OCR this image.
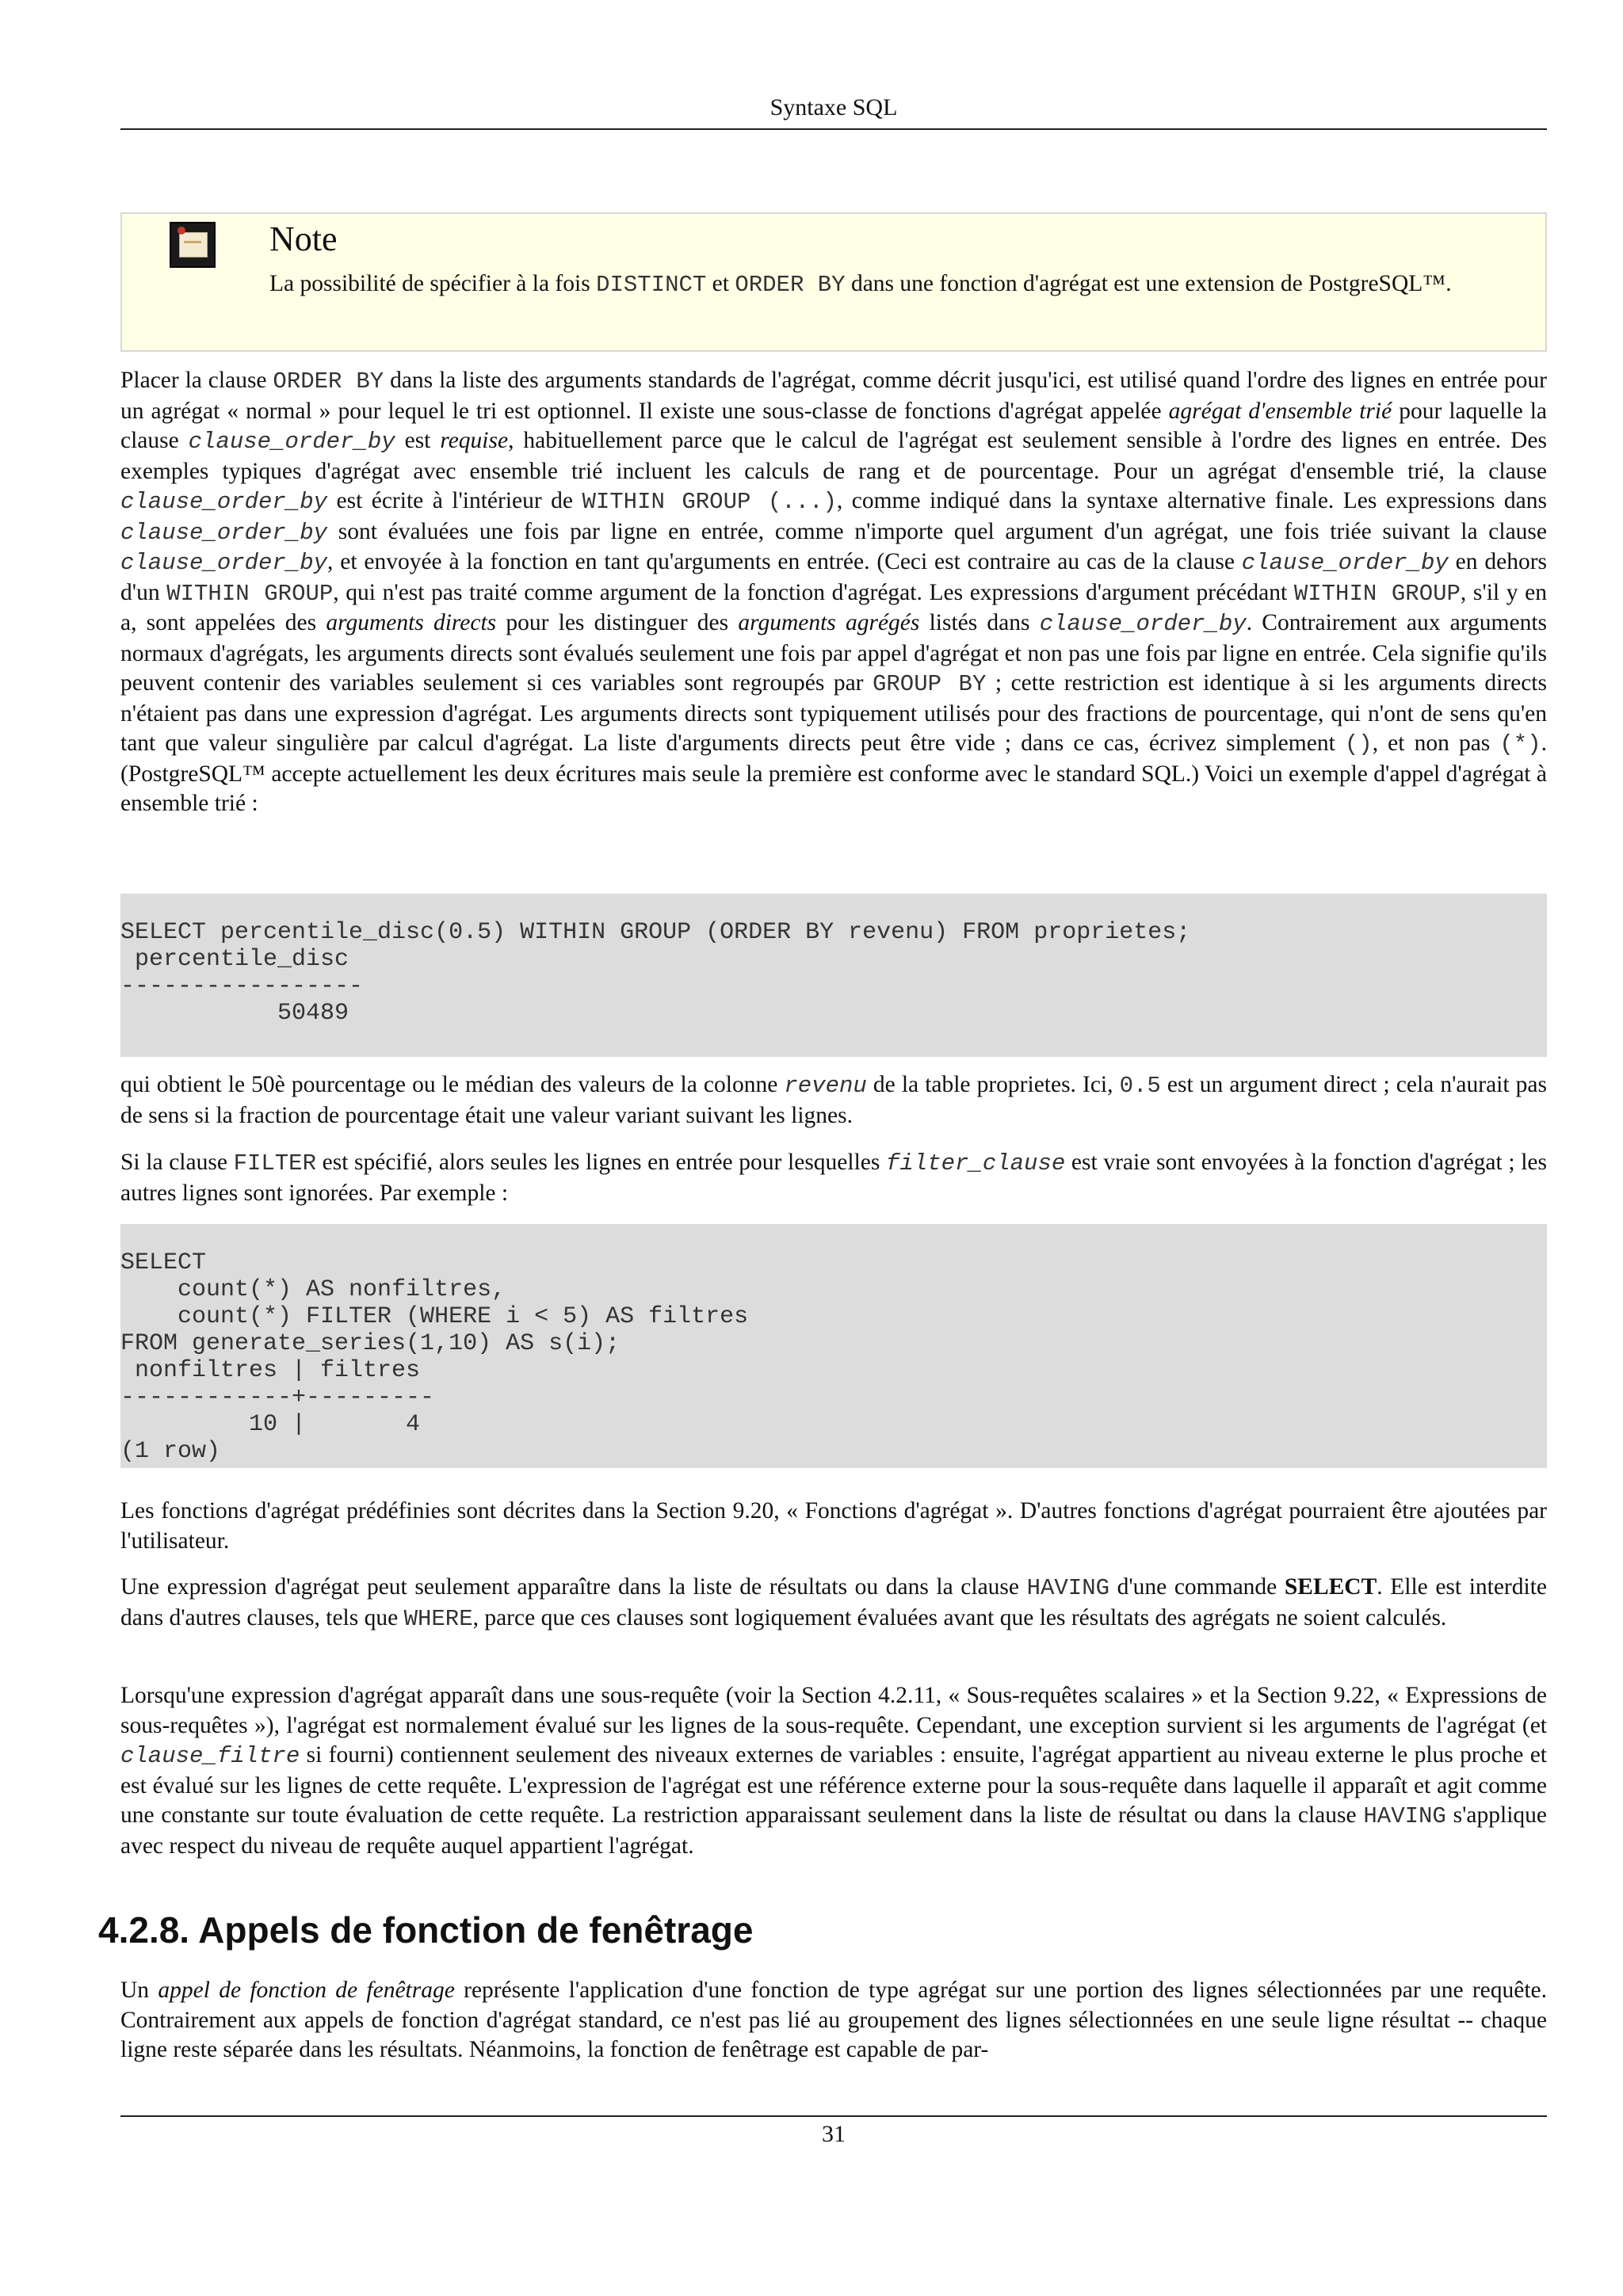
Syntaxe SQL
Note

La possibilité de spécifier à la fois DISTINCT et ORDER BY dans une fonction d'agrégat est une extension de PostgreSQL™.

Placer la clause ORDER BY dans la liste des arguments standards de l'agrégat, comme décrit jusqu'ici, est utilisé quand l'ordre des lignes en entrée pour un agrégat « normal » pour lequel le tri est optionnel. Il existe une sous-classe de fonctions d'agrégat appelée agrégat d'ensemble trié pour laquelle la clause clause_order_by est requise, habituellement parce que le calcul de l'agrégat est seulement sensible à l'ordre des lignes en entrée. Des exemples typiques d'agrégat avec ensemble trié incluent les calculs de rang et de pourcentage. Pour un agrégat d'ensemble trié, la clause clause_order_by est écrite à l'intérieur de WITHIN GROUP (...), comme indiqué dans la syntaxe alternative finale. Les expressions dans clause_order_by sont évaluées une fois par ligne en entrée, comme n'importe quel argument d'un agrégat, une fois triée suivant la clause clause_order_by, et envoyée à la fonction en tant qu'arguments en entrée. (Ceci est contraire au cas de la clause clause_order_by en dehors d'un WITHIN GROUP, qui n'est pas traité comme argument de la fonction d'agrégat. Les expressions d'argument précédant WITHIN GROUP, s'il y en a, sont appelées des arguments directs pour les distinguer des arguments agrégés listés dans clause_order_by. Contrairement aux arguments normaux d'agrégats, les arguments directs sont évalués seulement une fois par appel d'agrégat et non pas une fois par ligne en entrée. Cela signifie qu'ils peuvent contenir des variables seulement si ces variables sont regroupés par GROUP BY ; cette restriction est identique à si les arguments directs n'étaient pas dans une expression d'agrégat. Les arguments directs sont typiquement utilisés pour des fractions de pourcentage, qui n'ont de sens qu'en tant que valeur singulière par calcul d'agrégat. La liste d'arguments directs peut être vide ; dans ce cas, écrivez simplement (), et non pas (*). (PostgreSQL™ accepte actuellement les deux écritures mais seule la première est conforme avec le standard SQL.) Voici un exemple d'appel d'agrégat à ensemble trié :

SELECT percentile_disc(0.5) WITHIN GROUP (ORDER BY revenu) FROM proprietes;
percentile_disc
-----------------
50489

qui obtient le 50è pourcentage ou le médian des valeurs de la colonne revenu de la table proprietes. Ici, 0.5 est un argument direct ; cela n'aurait pas de sens si la fraction de pourcentage était une valeur variant suivant les lignes.

Si la clause FILTER est spécifié, alors seules les lignes en entrée pour lesquelles filter_clause est vraie sont envoyées à la fonction d'agrégat ; les autres lignes sont ignorées. Par exemple :

SELECT
count(*) AS nonfiltres,
count(*) FILTER (WHERE i < 5) AS filtres
FROM generate_series(1,10) AS s(i);
nonfiltres | filtres
------------+---------
10 |       4
(1 row)

Les fonctions d'agrégat prédéfinies sont décrites dans la Section 9.20, « Fonctions d'agrégat ». D'autres fonctions d'agrégat pourraient être ajoutées par l'utilisateur.

Une expression d'agrégat peut seulement apparaître dans la liste de résultats ou dans la clause HAVING d'une commande SELECT. Elle est interdite dans d'autres clauses, tels que WHERE, parce que ces clauses sont logiquement évaluées avant que les résultats des agrégats ne soient calculés.

Lorsqu'une expression d'agrégat apparaît dans une sous-requête (voir la Section 4.2.11, « Sous-requêtes scalaires » et la Section 9.22, « Expressions de sous-requêtes »), l'agrégat est normalement évalué sur les lignes de la sous-requête. Cependant, une exception survient si les arguments de l'agrégat (et clause_filtre si fourni) contiennent seulement des niveaux externes de variables : ensuite, l'agrégat appartient au niveau externe le plus proche et est évalué sur les lignes de cette requête. L'expression de l'agrégat est une référence externe pour la sous-requête dans laquelle il apparaît et agit comme une constante sur toute évaluation de cette requête. La restriction apparaissant seulement dans la liste de résultat ou dans la clause HAVING s'applique avec respect du niveau de requête auquel appartient l'agrégat.

4.2.8. Appels de fonction de fenêtrage

Un appel de fonction de fenêtrage représente l'application d'une fonction de type agrégat sur une portion des lignes sélectionnées par une requête. Contrairement aux appels de fonction d'agrégat standard, ce n'est pas lié au groupement des lignes sélectionnées en une seule ligne résultat -- chaque ligne reste séparée dans les résultats. Néanmoins, la fonction de fenêtrage est capable de par-

31
